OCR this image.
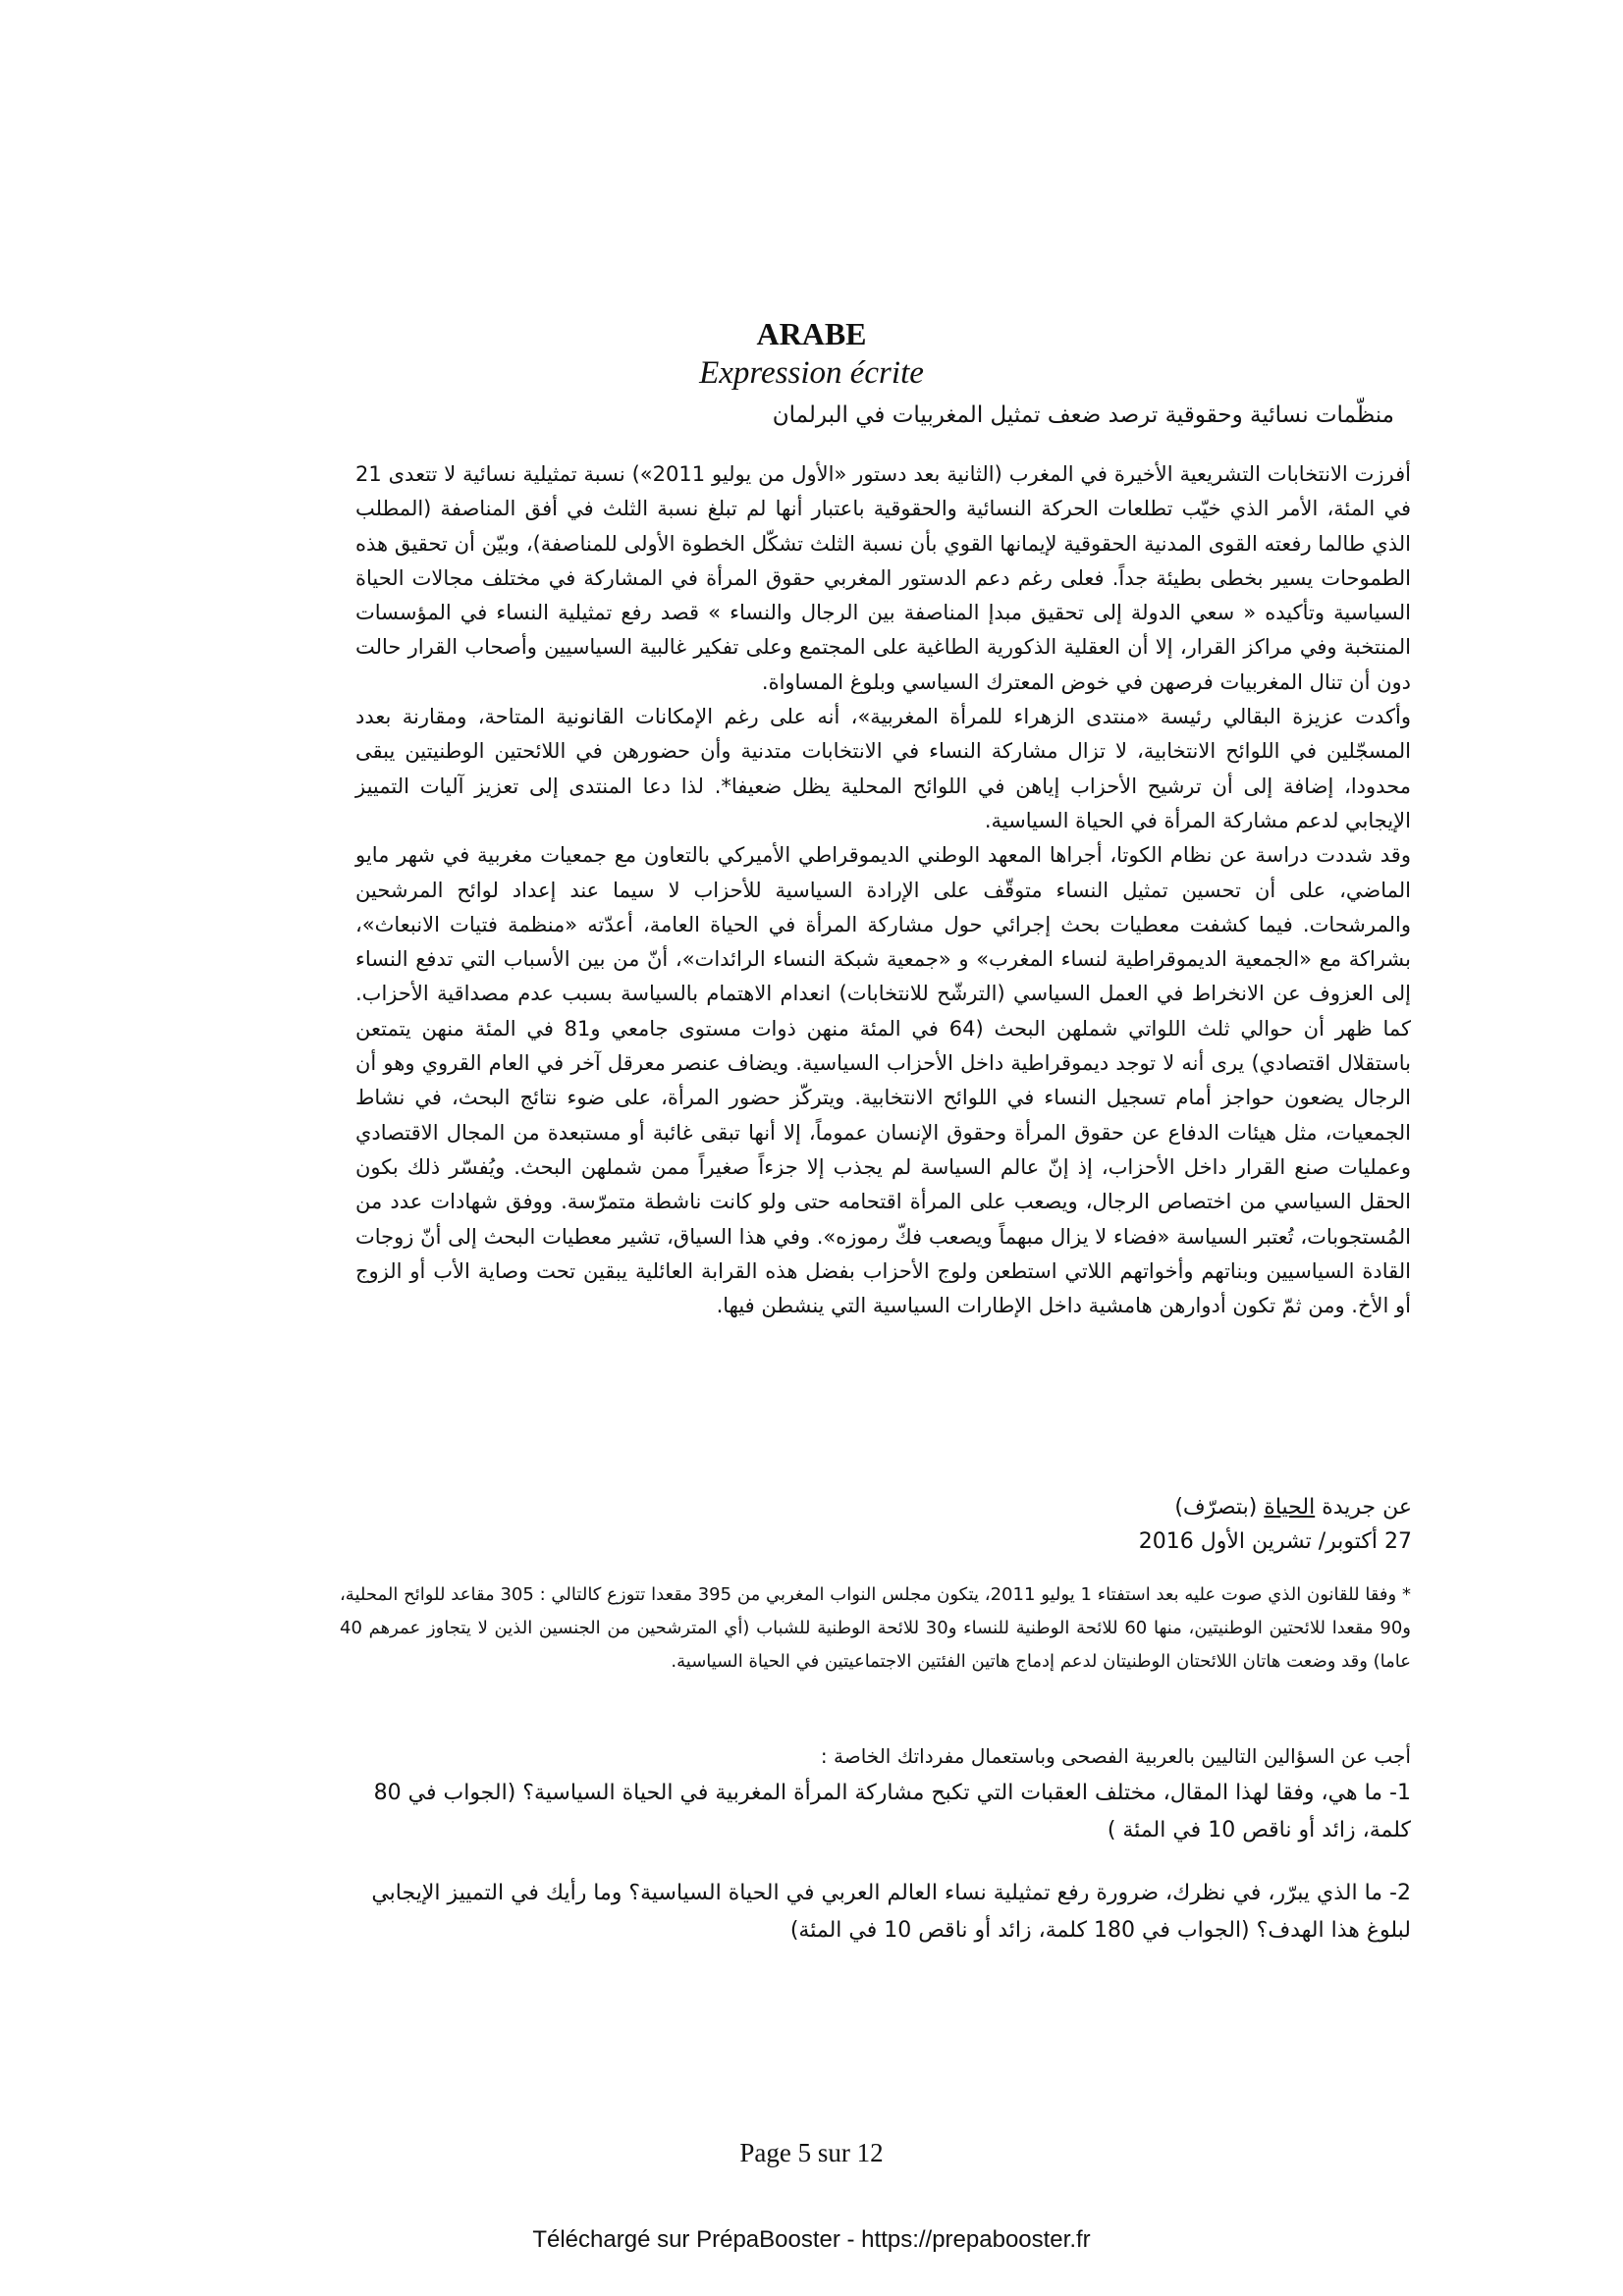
ARABE
Expression écrite
منظّمات نسائية وحقوقية ترصد ضعف تمثيل المغربيات في البرلمان

أفرزت الانتخابات التشريعية الأخيرة في المغرب (الثانية بعد دستور «الأول من يوليو 2011») نسبة تمثيلية نسائية لا تتعدى 21 في المئة، الأمر الذي خيّب تطلعات الحركة النسائية والحقوقية باعتبار أنها لم تبلغ نسبة الثلث في أفق المناصفة (المطلب الذي طالما رفعته القوى المدنية الحقوقية لإيمانها القوي بأن نسبة الثلث تشكّل الخطوة الأولى للمناصفة)، وبيّن أن تحقيق هذه الطموحات يسير بخطى بطيئة جداً. فعلى رغم دعم الدستور المغربي حقوق المرأة في المشاركة في مختلف مجالات الحياة السياسية وتأكيده « سعي الدولة إلى تحقيق مبدإ المناصفة بين الرجال والنساء » قصد رفع تمثيلية النساء في المؤسسات المنتخبة وفي مراكز القرار، إلا أن العقلية الذكورية الطاغية على المجتمع وعلى تفكير غالبية السياسيين وأصحاب القرار حالت دون أن تنال المغربيات فرصهن في خوض المعترك السياسي وبلوغ المساواة.

وأكدت عزيزة البقالي رئيسة «منتدى الزهراء للمرأة المغربية»، أنه على رغم الإمكانات القانونية المتاحة، ومقارنة بعدد المسجّلين في اللوائح الانتخابية، لا تزال مشاركة النساء في الانتخابات متدنية وأن حضورهن في اللائحتين الوطنيتين يبقى محدودا، إضافة إلى أن ترشيح الأحزاب إياهن في اللوائح المحلية يظل ضعيفا*. لذا دعا المنتدى إلى تعزيز آليات التمييز الإيجابي لدعم مشاركة المرأة في الحياة السياسية.

وقد شددت دراسة عن نظام الكوتا، أجراها المعهد الوطني الديموقراطي الأميركي بالتعاون مع جمعيات مغربية في شهر مايو الماضي، على أن تحسين تمثيل النساء متوقّف على الإرادة السياسية للأحزاب لا سيما عند إعداد لوائح المرشحين والمرشحات. فيما كشفت معطيات بحث إجرائي حول مشاركة المرأة في الحياة العامة، أعدّته «منظمة فتيات الانبعاث»، بشراكة مع «الجمعية الديموقراطية لنساء المغرب» و «جمعية شبكة النساء الرائدات»، أنّ من بين الأسباب التي تدفع النساء إلى العزوف عن الانخراط في العمل السياسي (الترشّح للانتخابات) انعدام الاهتمام بالسياسة بسبب عدم مصداقية الأحزاب. كما ظهر أن حوالي ثلث اللواتي شملهن البحث (64 في المئة منهن ذوات مستوى جامعي و81 في المئة منهن يتمتعن باستقلال اقتصادي) يرى أنه لا توجد ديموقراطية داخل الأحزاب السياسية. ويضاف عنصر معرقل آخر في العام القروي وهو أن الرجال يضعون حواجز أمام تسجيل النساء في اللوائح الانتخابية. ويتركّز حضور المرأة، على ضوء نتائج البحث، في نشاط الجمعيات، مثل هيئات الدفاع عن حقوق المرأة وحقوق الإنسان عموماً، إلا أنها تبقى غائبة أو مستبعدة من المجال الاقتصادي وعمليات صنع القرار داخل الأحزاب، إذ إنّ عالم السياسة لم يجذب إلا جزءاً صغيراً ممن شملهن البحث. ويُفسّر ذلك بكون الحقل السياسي من اختصاص الرجال، ويصعب على المرأة اقتحامه حتى ولو كانت ناشطة متمرّسة. ووفق شهادات عدد من المُستجوبات، تُعتبر السياسة «فضاء لا يزال مبهماً ويصعب فكّ رموزه». وفي هذا السياق، تشير معطيات البحث إلى أنّ زوجات القادة السياسيين وبناتهم وأخواتهم اللاتي استطعن ولوج الأحزاب بفضل هذه القرابة العائلية يبقين تحت وصاية الأب أو الزوج أو الأخ. ومن ثمّ تكون أدوارهن هامشية داخل الإطارات السياسية التي ينشطن فيها.

عن جريدة الحياة (بتصرّف)
27 أكتوبر/ تشرين الأول 2016
* وفقا للقانون الذي صوت عليه بعد استفتاء 1 يوليو 2011، يتكون مجلس النواب المغربي من 395 مقعدا تتوزع كالتالي : 305 مقاعد للوائح المحلية، و90 مقعدا للائحتين الوطنيتين، منها 60 للائحة الوطنية للنساء و30 للائحة الوطنية للشباب (أي المترشحين من الجنسين الذين لا يتجاوز عمرهم 40 عاما) وقد وضعت هاتان اللائحتان الوطنيتان لدعم إدماج هاتين الفئتين الاجتماعيتين في الحياة السياسية.

أجب عن السؤالين التاليين بالعربية الفصحى وباستعمال مفرداتك الخاصة :

1- ما هي، وفقا لهذا المقال، مختلف العقبات التي تكبح مشاركة المرأة المغربية في الحياة السياسية؟ (الجواب في 80 كلمة، زائد أو ناقص 10 في المئة )

2- ما الذي يبرّر، في نظرك، ضرورة رفع تمثيلية نساء العالم العربي في الحياة السياسية؟ وما رأيك في التمييز الإيجابي لبلوغ هذا الهدف؟ (الجواب في 180 كلمة، زائد أو ناقص 10 في المئة)

Page 5 sur 12
Téléchargé sur PrépaBooster - https://prepabooster.fr
